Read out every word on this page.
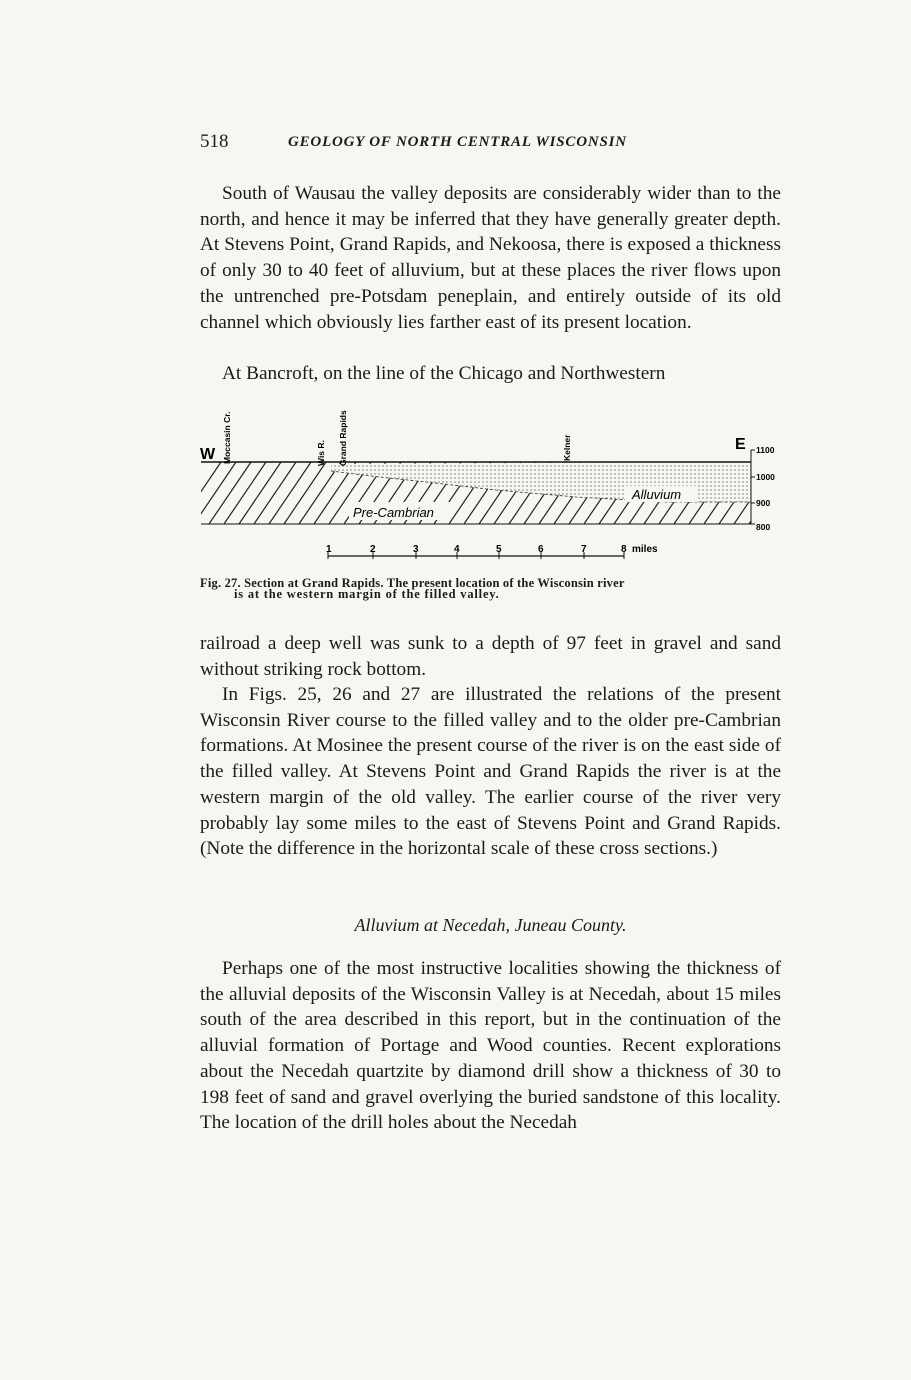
518	GEOLOGY OF NORTH CENTRAL WISCONSIN

South of Wausau the valley deposits are considerably wider than to the north, and hence it may be inferred that they have generally greater depth. At Stevens Point, Grand Rapids, and Nekoosa, there is exposed a thickness of only 30 to 40 feet of alluvium, but at these places the river flows upon the untrenched pre-Potsdam peneplain, and entirely outside of its old channel which obviously lies farther east of its present location.

At Bancroft, on the line of the Chicago and Northwestern

W
E 1100
1000
900
800
Moccasin Cr.	Wis R. Grand Rapids	Kelner
Alluvium
Pre-Cambrian
1	2	3	4	5	6	7	8 miles
Fig. 27. Section at Grand Rapids. The present location of the Wisconsin river
is at the western margin of the filled valley.

railroad a deep well was sunk to a depth of 97 feet in gravel and sand without striking rock bottom.

In Figs. 25, 26 and 27 are illustrated the relations of the present Wisconsin River course to the filled valley and to the older pre-Cambrian formations. At Mosinee the present course of the river is on the east side of the filled valley. At Stevens Point and Grand Rapids the river is at the western margin of the old valley. The earlier course of the river very probably lay some miles to the east of Stevens Point and Grand Rapids. (Note the difference in the horizontal scale of these cross sections.)

Alluvium at Necedah, Juneau County.

Perhaps one of the most instructive localities showing the thickness of the alluvial deposits of the Wisconsin Valley is at Necedah, about 15 miles south of the area described in this report, but in the continuation of the alluvial formation of Portage and Wood counties. Recent explorations about the Necedah quartzite by diamond drill show a thickness of 30 to 198 feet of sand and gravel overlying the buried sandstone of this locality. The location of the drill holes about the Necedah
